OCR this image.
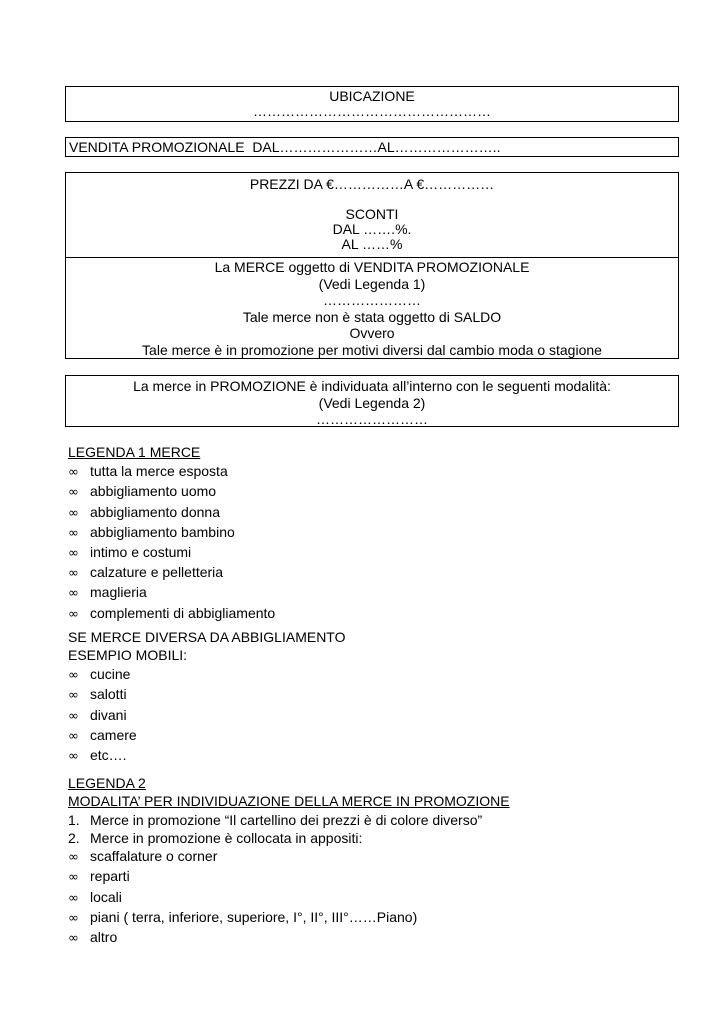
UBICAZIONE
……………………………………………
VENDITA PROMOZIONALE  DAL…………………AL…………………..
PREZZI DA €……………A €……………
SCONTI
DAL …….%.
AL ……%
La MERCE oggetto di VENDITA PROMOZIONALE
(Vedi Legenda 1)
…………………
Tale merce non è stata oggetto di SALDO
Ovvero
Tale merce è in promozione per motivi diversi dal cambio moda o stagione
La merce in PROMOZIONE è individuata all’interno con le seguenti modalità:
(Vedi Legenda 2)
……………………
LEGENDA 1 MERCE
∞ tutta la merce esposta
∞ abbigliamento uomo
∞ abbigliamento donna
∞ abbigliamento bambino
∞ intimo e costumi
∞ calzature e pelletteria
∞ maglieria
∞ complementi di abbigliamento
SE MERCE DIVERSA DA ABBIGLIAMENTO
ESEMPIO MOBILI:
∞ cucine
∞ salotti
∞ divani
∞ camere
∞ etc….
LEGENDA 2
MODALITA’ PER INDIVIDUAZIONE DELLA MERCE IN PROMOZIONE
1. Merce in promozione “Il cartellino dei prezzi è di colore diverso”
2. Merce in promozione è collocata in appositi:
∞ scaffalature o corner
∞ reparti
∞ locali
∞ piani ( terra, inferiore, superiore, I°, II°, III°……Piano)
∞ altro
